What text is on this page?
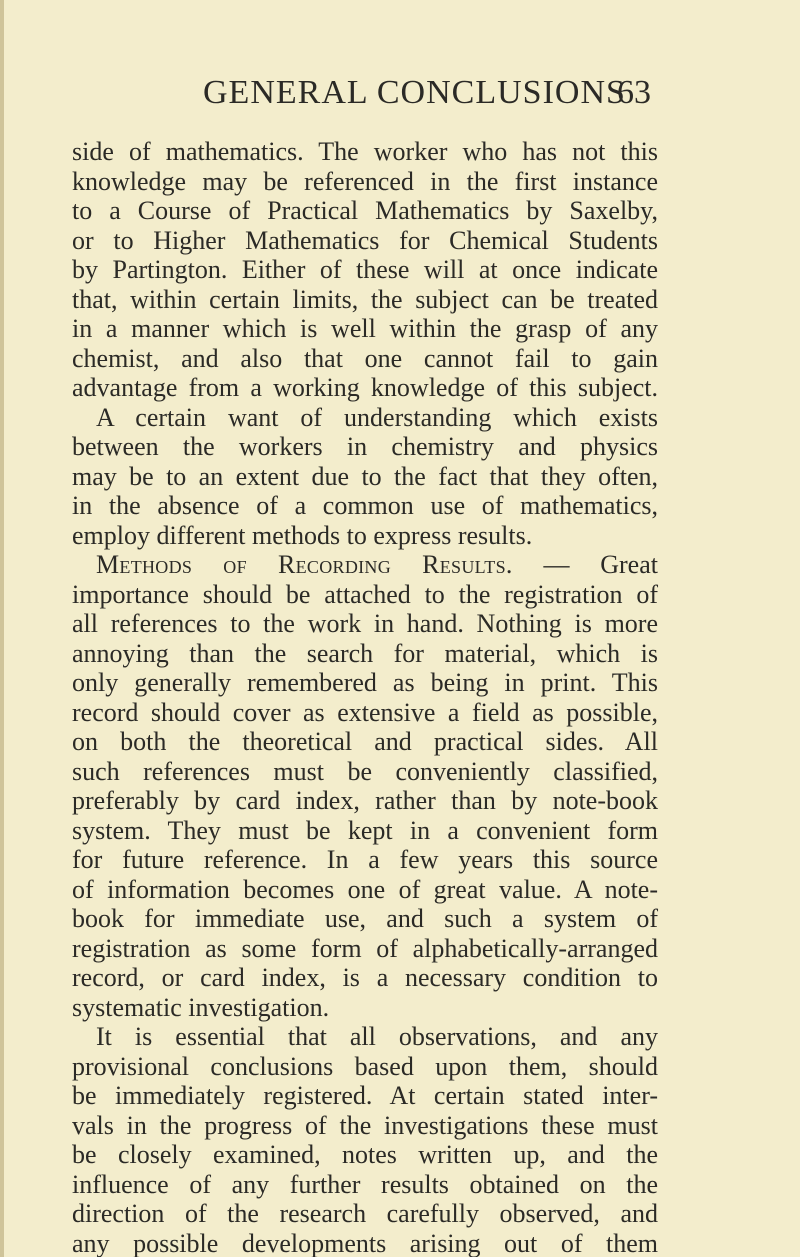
GENERAL CONCLUSIONS
63
side of mathematics. The worker who has not this
knowledge may be referenced in the first instance
to a Course of Practical Mathematics by Saxelby,
or to Higher Mathematics for Chemical Students
by Partington. Either of these will at once indicate
that, within certain limits, the subject can be treated
in a manner which is well within the grasp of any
chemist, and also that one cannot fail to gain
advantage from a working knowledge of this subject.
A certain want of understanding which exists
between the workers in chemistry and physics
may be to an extent due to the fact that they often,
in the absence of a common use of mathematics,
employ different methods to express results.
Methods of Recording Results. — Great
importance should be attached to the registration of
all references to the work in hand. Nothing is more
annoying than the search for material, which is
only generally remembered as being in print. This
record should cover as extensive a field as possible,
on both the theoretical and practical sides. All
such references must be conveniently classified,
preferably by card index, rather than by note-book
system. They must be kept in a convenient form
for future reference. In a few years this source
of information becomes one of great value. A note-
book for immediate use, and such a system of
registration as some form of alphabetically-arranged
record, or card index, is a necessary condition to
systematic investigation.
It is essential that all observations, and any
provisional conclusions based upon them, should
be immediately registered. At certain stated inter-
vals in the progress of the investigations these must
be closely examined, notes written up, and the
influence of any further results obtained on the
direction of the research carefully observed, and
any possible developments arising out of them
